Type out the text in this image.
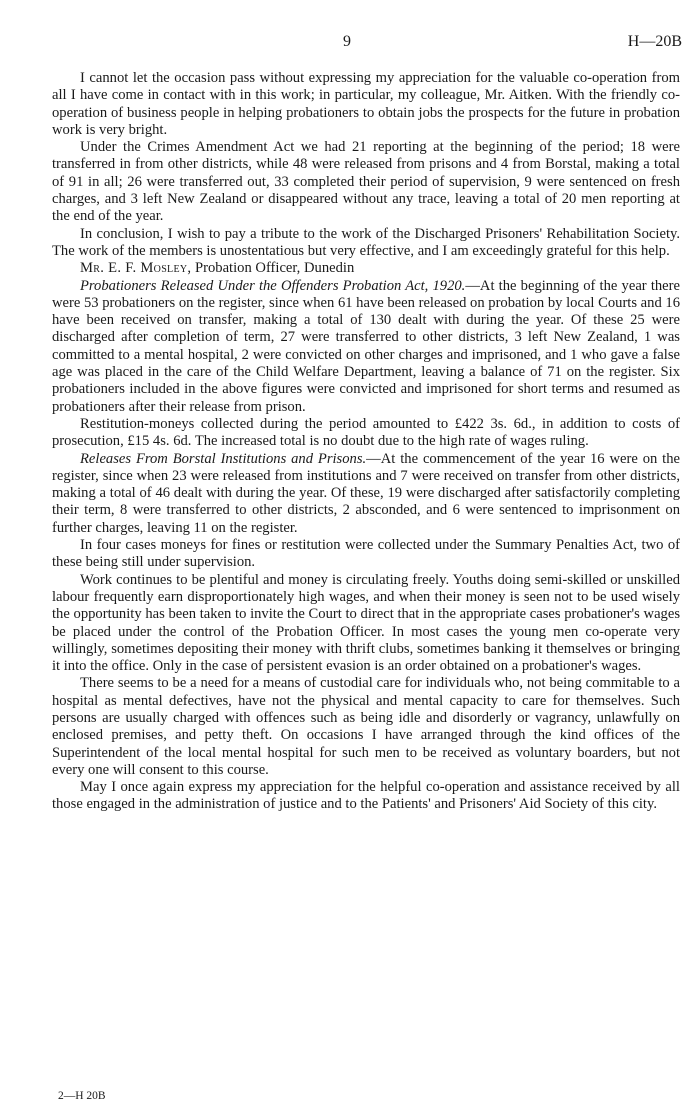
9	H—20B

I cannot let the occasion pass without expressing my appreciation for the valuable co-operation from all I have come in contact with in this work; in particular, my colleague, Mr. Aitken. With the friendly co-operation of business people in helping probationers to obtain jobs the prospects for the future in probation work is very bright.

Under the Crimes Amendment Act we had 21 reporting at the beginning of the period; 18 were transferred in from other districts, while 48 were released from prisons and 4 from Borstal, making a total of 91 in all; 26 were transferred out, 33 completed their period of supervision, 9 were sentenced on fresh charges, and 3 left New Zealand or disappeared without any trace, leaving a total of 20 men reporting at the end of the year.

In conclusion, I wish to pay a tribute to the work of the Discharged Prisoners' Rehabilitation Society. The work of the members is unostentatious but very effective, and I am exceedingly grateful for this help.

Mr. E. F. Mosley, Probation Officer, Dunedin

Probationers Released Under the Offenders Probation Act, 1920.—At the beginning of the year there were 53 probationers on the register, since when 61 have been released on probation by local Courts and 16 have been received on transfer, making a total of 130 dealt with during the year. Of these 25 were discharged after completion of term, 27 were transferred to other districts, 3 left New Zealand, 1 was committed to a mental hospital, 2 were convicted on other charges and imprisoned, and 1 who gave a false age was placed in the care of the Child Welfare Department, leaving a balance of 71 on the register. Six probationers included in the above figures were convicted and imprisoned for short terms and resumed as probationers after their release from prison.

Restitution-moneys collected during the period amounted to £422 3s. 6d., in addition to costs of prosecution, £15 4s. 6d. The increased total is no doubt due to the high rate of wages ruling.

Releases From Borstal Institutions and Prisons.—At the commencement of the year 16 were on the register, since when 23 were released from institutions and 7 were received on transfer from other districts, making a total of 46 dealt with during the year. Of these, 19 were discharged after satisfactorily completing their term, 8 were transferred to other districts, 2 absconded, and 6 were sentenced to imprisonment on further charges, leaving 11 on the register.

In four cases moneys for fines or restitution were collected under the Summary Penalties Act, two of these being still under supervision.

Work continues to be plentiful and money is circulating freely. Youths doing semi-skilled or unskilled labour frequently earn disproportionately high wages, and when their money is seen not to be used wisely the opportunity has been taken to invite the Court to direct that in the appropriate cases probationer's wages be placed under the control of the Probation Officer. In most cases the young men co-operate very willingly, sometimes depositing their money with thrift clubs, sometimes banking it themselves or bringing it into the office. Only in the case of persistent evasion is an order obtained on a probationer's wages.

There seems to be a need for a means of custodial care for individuals who, not being commitable to a hospital as mental defectives, have not the physical and mental capacity to care for themselves. Such persons are usually charged with offences such as being idle and disorderly or vagrancy, unlawfully on enclosed premises, and petty theft. On occasions I have arranged through the kind offices of the Superintendent of the local mental hospital for such men to be received as voluntary boarders, but not every one will consent to this course.

May I once again express my appreciation for the helpful co-operation and assistance received by all those engaged in the administration of justice and to the Patients' and Prisoners' Aid Society of this city.

2—H 20B
